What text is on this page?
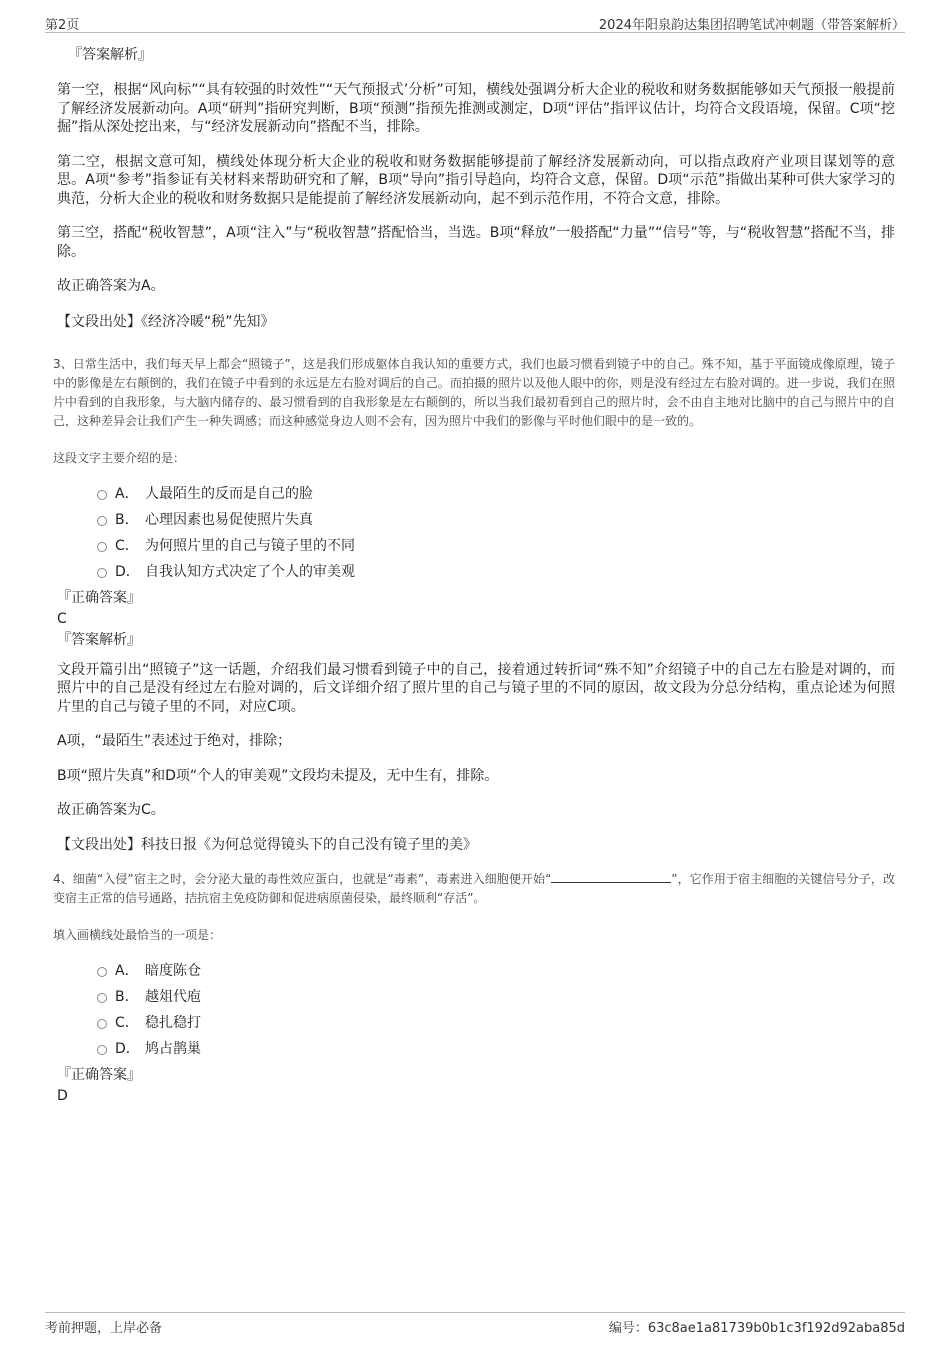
第2页	2024年阳泉韵达集团招聘笔试冲刺题（带答案解析）

『答案解析』

第一空，根据“风向标”“具有较强的时效性”“天气预报式’分析”可知，横线处强调分析大企业的税收和财务数据能够如天气预报一般提前了解经济发展新动向。A项“研判”指研究判断，B项“预测”指预先推测或测定，D项“评估”指评议估计，均符合文段语境，保留。C项“挖掘”指从深处挖出来，与“经济发展新动向”搭配不当，排除。

第二空，根据文意可知，横线处体现分析大企业的税收和财务数据能够提前了解经济发展新动向，可以指点政府产业项目谋划等的意思。A项“参考”指参证有关材料来帮助研究和了解，B项“导向”指引导趋向，均符合文意，保留。D项“示范”指做出某种可供大家学习的典范，分析大企业的税收和财务数据只是能提前了解经济发展新动向，起不到示范作用，不符合文意，排除。

第三空，搭配“税收智慧”，A项“注入”与“税收智慧”搭配恰当，当选。B项“释放”一般搭配“力量”“信号”等，与“税收智慧”搭配不当，排除。

故正确答案为A。

【文段出处】《经济冷暖“税”先知》

3、日常生活中，我们每天早上都会“照镜子”，这是我们形成躯体自我认知的重要方式，我们也最习惯看到镜子中的自己。殊不知，基于平面镜成像原理，镜子中的影像是左右颠倒的，我们在镜子中看到的永远是左右脸对调后的自己。而拍摄的照片以及他人眼中的你，则是没有经过左右脸对调的。进一步说，我们在照片中看到的自我形象，与大脑内储存的、最习惯看到的自我形象是左右颠倒的，所以当我们最初看到自己的照片时，会不由自主地对比脑中的自己与照片中的自己，这种差异会让我们产生一种失调感；而这种感觉身边人则不会有，因为照片中我们的影像与平时他们眼中的是一致的。

这段文字主要介绍的是：

A． 人最陌生的反而是自己的脸
B． 心理因素也易促使照片失真
C． 为何照片里的自己与镜子里的不同
D． 自我认知方式决定了个人的审美观

『正确答案』

C

『答案解析』

文段开篇引出“照镜子”这一话题，介绍我们最习惯看到镜子中的自己，接着通过转折词“殊不知”介绍镜子中的自己左右脸是对调的，而照片中的自己是没有经过左右脸对调的，后文详细介绍了照片里的自己与镜子里的不同的原因，故文段为分总分结构，重点论述为何照片里的自己与镜子里的不同，对应C项。

A项，“最陌生”表述过于绝对，排除；

B项“照片失真”和D项“个人的审美观”文段均未提及，无中生有，排除。

故正确答案为C。

【文段出处】科技日报《为何总觉得镜头下的自己没有镜子里的美》

4、细菌“入侵”宿主之时，会分泌大量的毒性效应蛋白，也就是“毒素”，毒素进入细胞便开始“	”，它作用于宿主细胞的关键信号分子，改变宿主正常的信号通路，拮抗宿主免疫防御和促进病原菌侵染，最终顺利“存活”。

填入画横线处最恰当的一项是：

A． 暗度陈仓
B． 越俎代庖
C． 稳扎稳打
D． 鸠占鹊巢

『正确答案』

D

考前押题，上岸必备	编号：63c8ae1a81739b0b1c3f192d92aba85d
